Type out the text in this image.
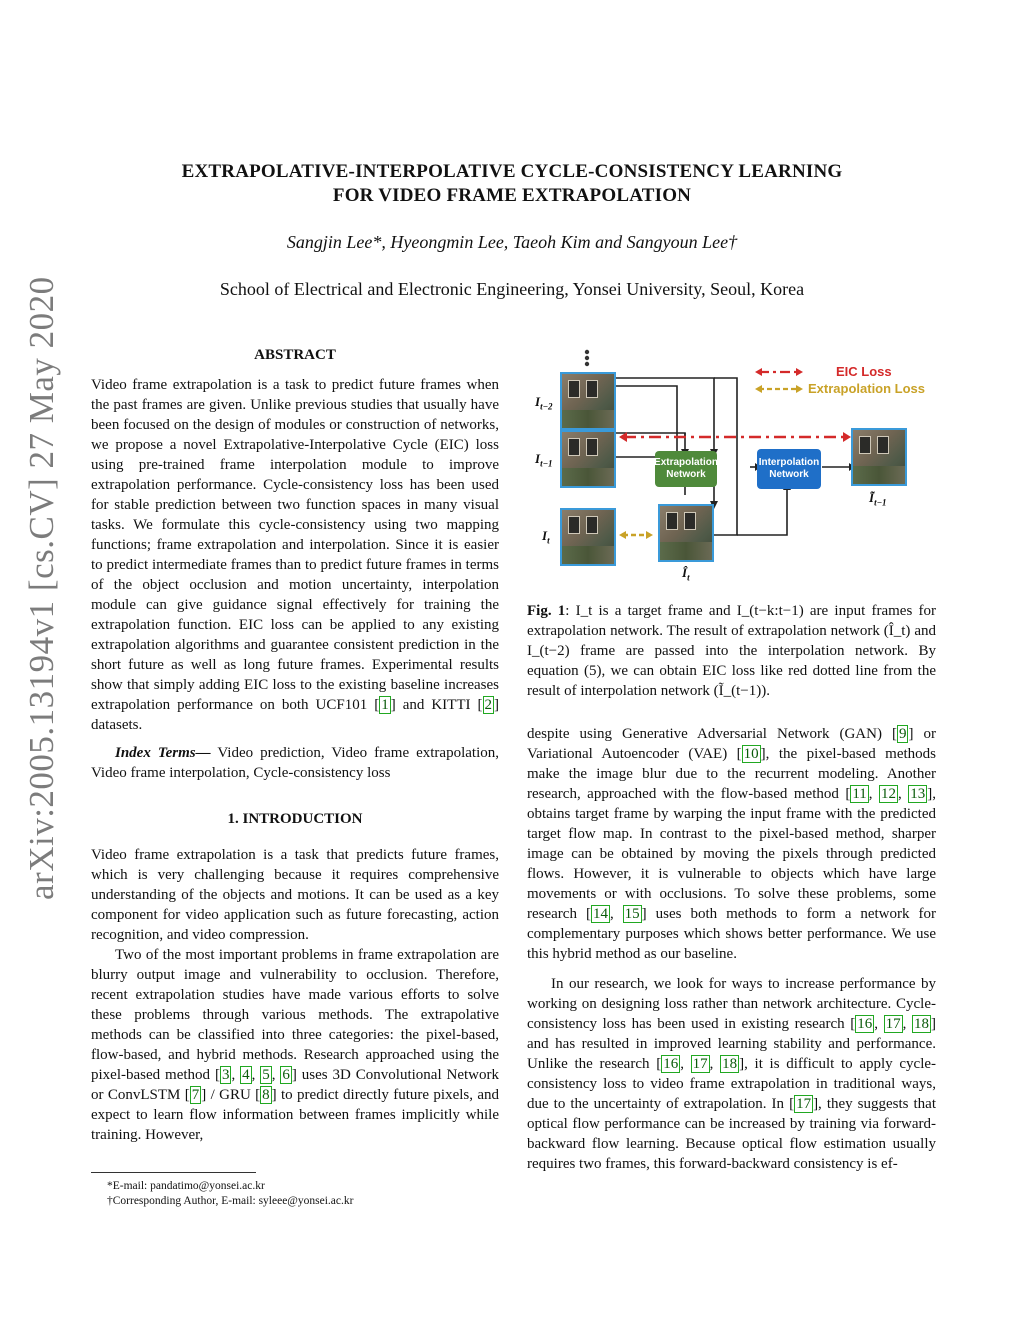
arXiv:2005.13194v1 [cs.CV] 27 May 2020
EXTRAPOLATIVE-INTERPOLATIVE CYCLE-CONSISTENCY LEARNING
FOR VIDEO FRAME EXTRAPOLATION
Sangjin Lee*, Hyeongmin Lee, Taeoh Kim and Sangyoun Lee†
School of Electrical and Electronic Engineering, Yonsei University, Seoul, Korea
ABSTRACT

Video frame extrapolation is a task to predict future frames when the past frames are given. Unlike previous studies that usually have been focused on the design of modules or construction of networks, we propose a novel Extrapolative-Interpolative Cycle (EIC) loss using pre-trained frame interpolation module to improve extrapolation performance. Cycle-consistency loss has been used for stable prediction between two function spaces in many visual tasks. We formulate this cycle-consistency using two mapping functions; frame extrapolation and interpolation. Since it is easier to predict intermediate frames than to predict future frames in terms of the object occlusion and motion uncertainty, interpolation module can give guidance signal effectively for training the extrapolation function. EIC loss can be applied to any existing extrapolation algorithms and guarantee consistent prediction in the short future as well as long future frames. Experimental results show that simply adding EIC loss to the existing baseline increases extrapolation performance on both UCF101 [ 1 ] and KITTI [ 2 ] datasets.

Index Terms— Video prediction, Video frame extrapolation, Video frame interpolation, Cycle-consistency loss

1. INTRODUCTION

Video frame extrapolation is a task that predicts future frames, which is very challenging because it requires comprehensive understanding of the objects and motions. It can be used as a key component for video application such as future forecasting, action recognition, and video compression.

Two of the most important problems in frame extrapolation are blurry output image and vulnerability to occlusion. Therefore, recent extrapolation studies have made various efforts to solve these problems through various methods. The extrapolative methods can be classified into three categories: the pixel-based, flow-based, and hybrid methods. Research approached using the pixel-based method [ 3 , 4 , 5 , 6 ] uses 3D Convolutional Network or ConvLSTM [ 7 ] / GRU [ 8 ] to predict directly future pixels, and expect to learn flow information between frames implicitly while training. However,

*E-mail: pandatimo@yonsei.ac.kr
†Corresponding Author, E-mail: syleee@yonsei.ac.kr
EIC Loss
Extrapolation Loss
Extrapolation Network
Interpolation Network
$I_{t-2}$
$I_{t-1}$
$I_t$
$Î_t$
$Ĩ_{t-1}$

Fig. 1: I_t is a target frame and I_(t−k:t−1) are input frames for extrapolation network. The result of extrapolation network (Î_t) and I_(t−2) frame are passed into the interpolation network. By equation (5), we can obtain EIC loss like red dotted line from the result of interpolation network (Ĩ_(t−1)).

despite using Generative Adversarial Network (GAN) [ 9 ] or Variational Autoencoder (VAE) [ 10 ], the pixel-based methods make the image blur due to the recurrent modeling. Another research, approached with the flow-based method [ 11 , 12 , 13 ], obtains target frame by warping the input frame with the predicted target flow map. In contrast to the pixel-based method, sharper image can be obtained by moving the pixels through predicted flows. However, it is vulnerable to objects which have large movements or with occlusions. To solve these problems, some research [ 14 , 15 ] uses both methods to form a network for complementary purposes which shows better performance. We use this hybrid method as our baseline.

In our research, we look for ways to increase performance by working on designing loss rather than network architecture. Cycle-consistency loss has been used in existing research [ 16 , 17 , 18 ] and has resulted in improved learning stability and performance. Unlike the research [ 16 , 17 , 18 ], it is difficult to apply cycle-consistency loss to video frame extrapolation in traditional ways, due to the uncertainty of extrapolation. In [ 17 ], they suggests that optical flow performance can be increased by training via forward-backward flow learning. Because optical flow estimation usually requires two frames, this forward-backward consistency is ef-
